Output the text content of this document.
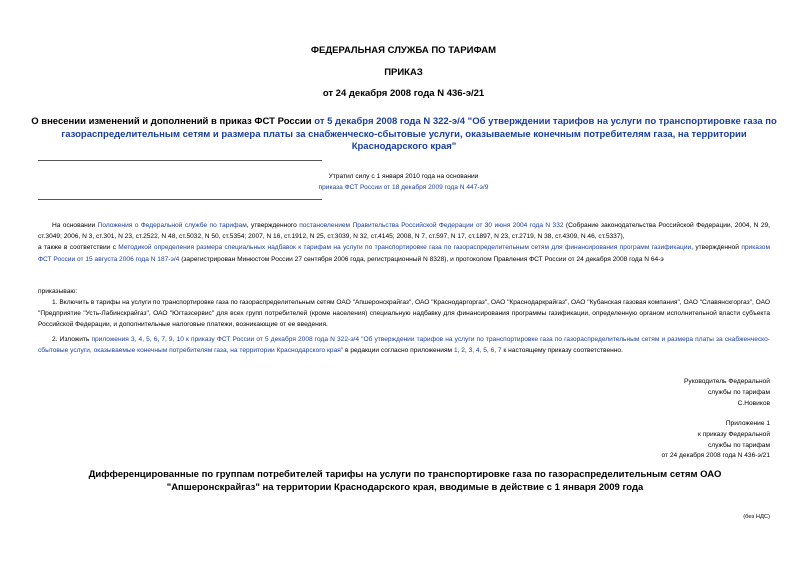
ФЕДЕРАЛЬНАЯ СЛУЖБА ПО ТАРИФАМ
ПРИКАЗ
от 24 декабря 2008 года N 436-э/21
О внесении изменений и дополнений в приказ ФСТ России от 5 декабря 2008 года N 322-э/4 "Об утверждении тарифов на услуги по транспортировке газа по газораспределительным сетям и размера платы за снабженческо-сбытовые услуги, оказываемые конечным потребителям газа, на территории Краснодарского края"
Утратил силу с 1 января 2010 года на основании
приказа ФСТ России от 18 декабря 2009 года N 447-э/9
На основании Положения о Федеральной службе по тарифам, утвержденного постановлением Правительства Российской Федерации от 30 июня 2004 года N 332 (Собрание законодательства Российской Федерации, 2004, N 29, ст.3049; 2006, N 3, ст.301, N 23, ст.2522, N 48, ст.5032, N 50, ст.5354; 2007, N 16, ст.1912, N 25, ст.3039, N 32, ст.4145; 2008, N 7, ст.597, N 17, ст.1897, N 23, ст.2719, N 38, ст.4309, N 46, ст.5337),
а также в соответствии с Методикой определения размера специальных надбавок к тарифам на услуги по транспортировке газа по газораспределительным сетям для финансирования программ газификации, утвержденной приказом ФСТ России от 15 августа 2006 года N 187-э/4 (зарегистрирован Минюстом России 27 сентября 2006 года, регистрационный N 8328), и протоколом Правления ФСТ России от 24 декабря 2008 года N 64-э
приказываю:
1. Включить в тарифы на услуги по транспортировке газа по газораспределительным сетям ОАО "Апшеронскрайгаз", ОАО "Краснодаргоргаз", ОАО "Краснодаркрайгаз", ОАО "Кубанская газовая компания", ОАО "Славянскгоргаз", ОАО "Предприятие "Усть-Лабинскрайгаз", ОАО "Югтазсервис" для всех групп потребителей (кроме населения) специальную надбавку для финансирования программы газификации, определенную органом исполнительной власти субъекта Российской Федерации, и дополнительные налоговые платежи, возникающие от ее введения.
2. Изложить приложения 3, 4, 5, 6, 7, 9, 10 к приказу ФСТ России от 5 декабря 2008 года N 322-э/4 "Об утверждении тарифов на услуги по транспортировке газа по газораспределительным сетям и размера платы за снабженческо-сбытовые услуги, оказываемые конечным потребителям газа, на территории Краснодарского края" в редакции согласно приложениям 1, 2, 3, 4, 5, 6, 7 к настоящему приказу соответственно.
Руководитель Федеральной
службы по тарифам
С.Новиков
Приложение 1
к приказу Федеральной
службы по тарифам
от 24 декабря 2008 года N 436-э/21
Дифференцированные по группам потребителей тарифы на услуги по транспортировке газа по газораспределительным сетям ОАО "Апшеронскрайгаз" на территории Краснодарского края, вводимые в действие с 1 января 2009 года
(без НДС)
